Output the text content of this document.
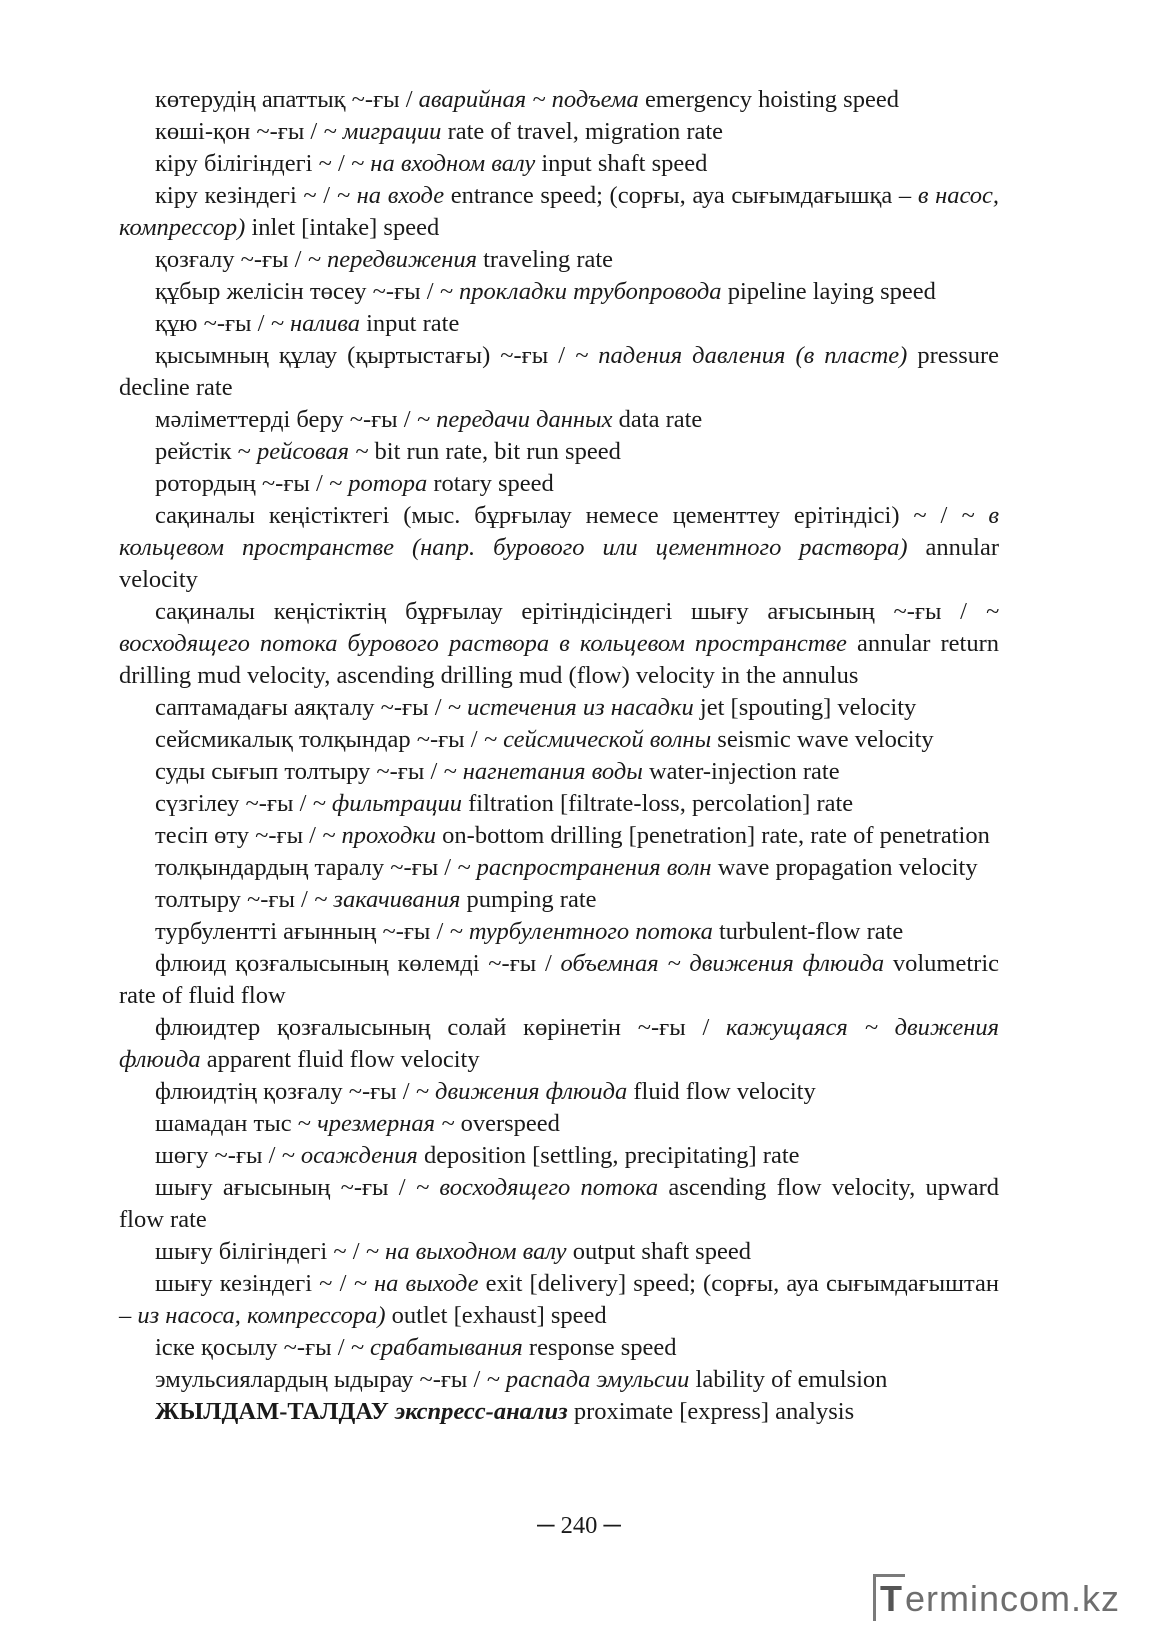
көтерудің апаттық ~-ғы / аварийная ~ подъема emergency hoisting speed

көші-қон ~-ғы / ~ миграции rate of travel, migration rate

кіру білігіндегі ~ / ~ на входном валу input shaft speed

кіру кезіндегі ~ / ~ на входе entrance speed; (сорғы, ауа сығымдағышқа – в насос, компрессор) inlet [intake] speed

қозғалу ~-ғы / ~ передвижения traveling rate

құбыр желісін төсеу ~-ғы / ~ прокладки трубопровода pipeline laying speed

құю ~-ғы / ~ налива input rate

қысымның құлау (қыртыстағы) ~-ғы / ~ падения давления (в пласте) pressure decline rate

мәліметтерді беру ~-ғы / ~ передачи данных data rate

рейстік ~ рейсовая ~ bit run rate, bit run speed

ротордың ~-ғы / ~ ротора rotary speed

сақиналы кеңістіктегі (мыс. бұрғылау немесе цементтеу ерітіндісі) ~ / ~ в кольцевом пространстве (напр. бурового или цементного раствора) annular velocity

сақиналы кеңістіктің бұрғылау ерітіндісіндегі шығу ағысының ~-ғы / ~ восходящего потока бурового раствора в кольцевом пространстве annular return drilling mud velocity, ascending drilling mud (flow) velocity in the annulus

саптамадағы аяқталу ~-ғы / ~ истечения из насадки jet [spouting] velocity

сейсмикалық толқындар ~-ғы / ~ сейсмической волны seismic wave velocity

суды сығып толтыру ~-ғы / ~ нагнетания воды water-injection rate

сүзгілеу ~-ғы / ~ фильтрации filtration [filtrate-loss, percolation] rate

тесіп өту ~-ғы / ~ проходки on-bottom drilling [penetration] rate, rate of penetration

толқындардың таралу ~-ғы / ~ распространения волн wave propagation velocity

толтыру ~-ғы / ~ закачивания pumping rate

турбулентті ағынның ~-ғы / ~ турбулентного потока turbulent-flow rate

флюид қозғалысының көлемді ~-ғы / объемная ~ движения флюида volumetric rate of fluid flow

флюидтер қозғалысының солай көрінетін ~-ғы / кажущаяся ~ движения флюида apparent fluid flow velocity

флюидтің қозғалу ~-ғы / ~ движения флюида fluid flow velocity

шамадан тыс ~ чрезмерная ~ overspeed

шөгу ~-ғы / ~ осаждения deposition [settling, precipitating] rate

шығу ағысының ~-ғы / ~ восходящего потока ascending flow velocity, upward flow rate

шығу білігіндегі ~ / ~ на выходном валу output shaft speed

шығу кезіндегі ~ / ~ на выходе exit [delivery] speed; (сорғы, ауа сығымдағыштан – из насоса, компрессора) outlet [exhaust] speed

іске қосылу ~-ғы / ~ срабатывания response speed

эмульсиялардың ыдырау ~-ғы / ~ распада эмульсии lability of emulsion

ЖЫЛДАМ-ТАЛДАУ экспресс-анализ proximate [express] analysis

─ 240 ─
Termincom.kz
